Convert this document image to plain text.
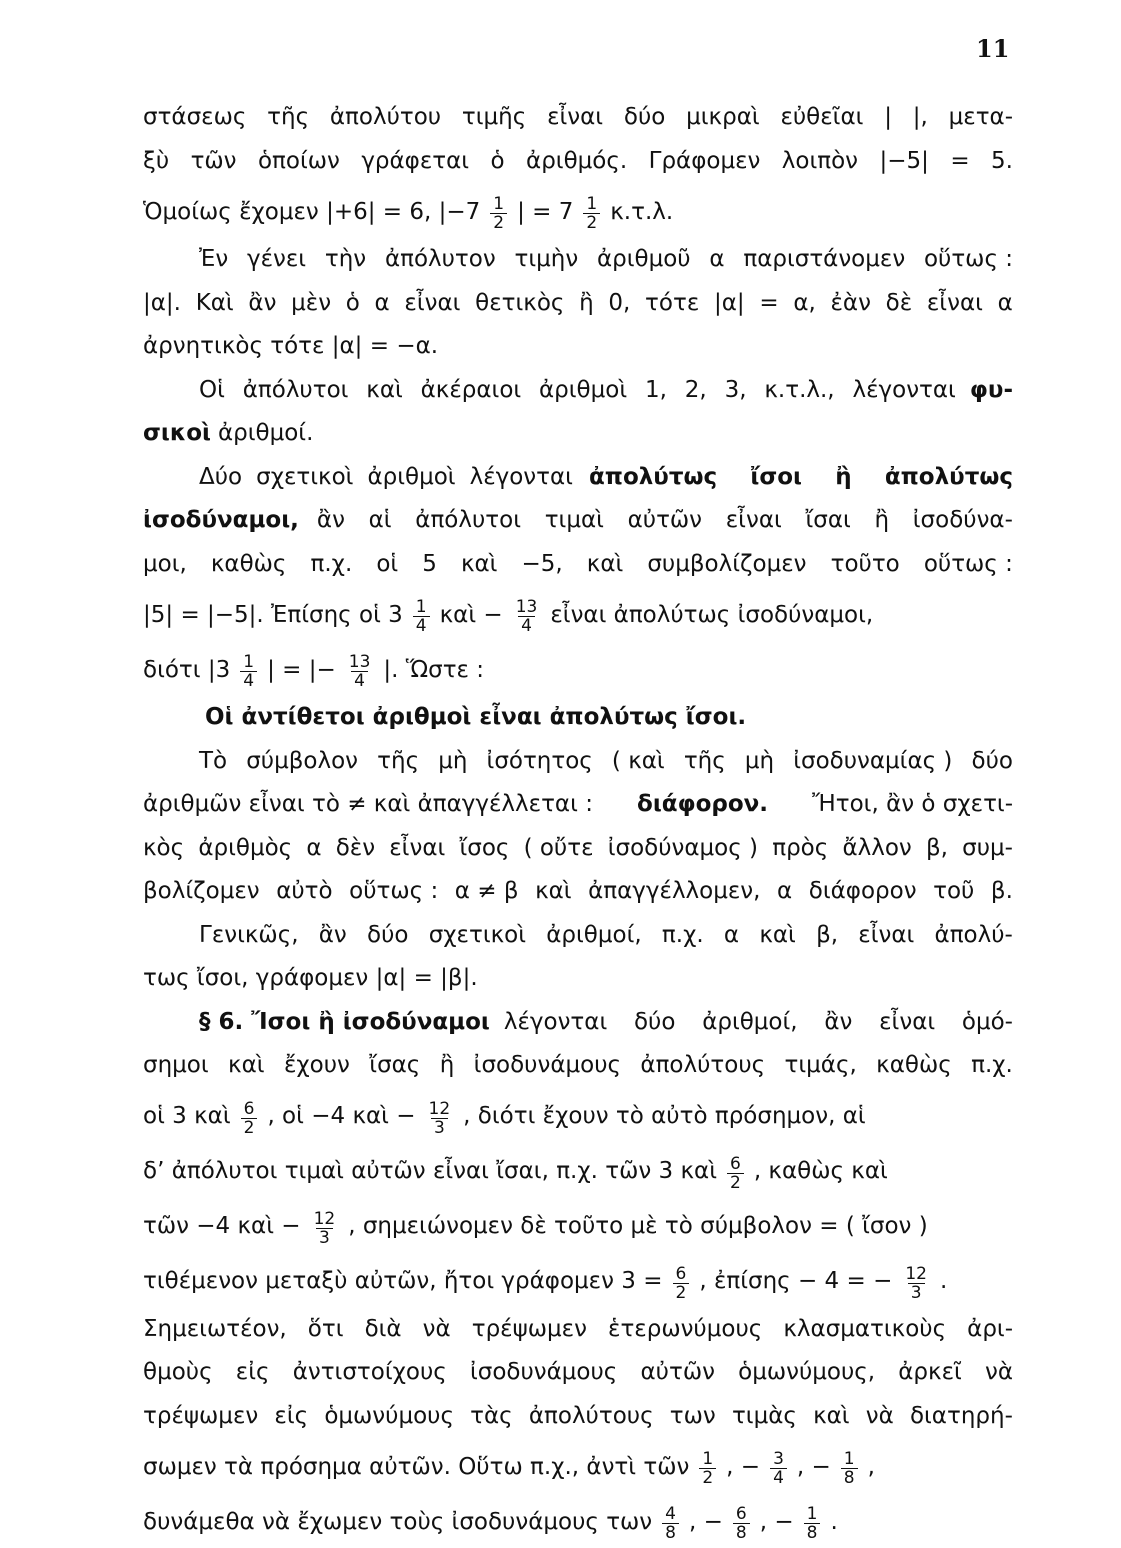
11
στάσεως τῆς ἀπολύτου τιμῆς εἶναι δύο μικραὶ εὐθεῖαι | |, μετα-
ξὺ τῶν ὁποίων γράφεται ὁ ἀριθμός. Γράφομεν λοιπὸν |−5| = 5.
Ὁμοίως ἔχομεν |+6| = 6, $|-7 \frac{1}{2}$ | = $7 \frac{1}{2} \kappa.\tau.\lambda$.
Ἐν γένει τὴν ἀπόλυτον τιμὴν ἀριθμοῦ α παριστάνομεν οὕτως :
|α|. Καὶ ἂν μὲν ὁ α εἶναι θετικὸς ἢ 0, τότε |α| = α, ἐὰν δὲ εἶναι α
ἀρνητικὸς τότε |α| = −α.
Οἱ ἀπόλυτοι καὶ ἀκέραιοι ἀριθμοὶ 1, 2, 3, κ.τ.λ., λέγονται φυ-
σικοὶ ἀριθμοί.
Δύο σχετικοὶ ἀριθμοὶ λέγονται ἀπολύτως ἴσοι ἢ ἀπολύτως
ἰσοδύναμοι, ἂν αἱ ἀπόλυτοι τιμαὶ αὐτῶν εἶναι ἴσαι ἢ ἰσοδύνα-
μοι, καθὼς π.χ. οἱ 5 καὶ −5, καὶ συμβολίζομεν τοῦτο οὕτως :
|5| = |−5|. Ἐπίσης οἱ $3 \frac{1}{4}$ καὶ − $\frac{13}{4}$ εἶναι ἀπολύτως ἰσοδύναμοι,
διότι $|3 \frac{1}{4}$ | = |− $\frac{13}{4}$ |. Ὥστε :
Οἱ ἀντίθετοι ἀριθμοὶ εἶναι ἀπολύτως ἴσοι.
Τὸ σύμβολον τῆς μὴ ἰσότητος ( καὶ τῆς μὴ ἰσοδυναμίας ) δύο
ἀριθμῶν εἶναι τὸ ≠ καὶ ἀπαγγέλλεται : διάφορον. Ἤτοι, ἂν ὁ σχετι-
κὸς ἀριθμὸς α δὲν εἶναι ἴσος ( οὔτε ἰσοδύναμος ) πρὸς ἄλλον β, συμ-
βολίζομεν αὐτὸ οὕτως : α ≠ β καὶ ἀπαγγέλλομεν, α διάφορον τοῦ β.
Γενικῶς, ἂν δύο σχετικοὶ ἀριθμοί, π.χ. α καὶ β, εἶναι ἀπολύ-
τως ἴσοι, γράφομεν |α| = |β|.
§ 6. Ἴσοι ἢ ἰσοδύναμοι λέγονται δύο ἀριθμοί, ἂν εἶναι ὁμό-
σημοι καὶ ἔχουν ἴσας ἢ ἰσοδυνάμους ἀπολύτους τιμάς, καθὼς π.χ.
οἱ 3 καὶ $\frac{6}{2}$ , οἱ −4 καὶ − $\frac{12}{3}$ , διότι ἔχουν τὸ αὐτὸ πρόσημον, αἱ
δ’ ἀπόλυτοι τιμαὶ αὐτῶν εἶναι ἴσαι, π.χ. τῶν 3 καὶ $\frac{6}{2}$ , καθὼς καὶ
τῶν −4 καὶ − $\frac{12}{3}$ , σημειώνομεν δὲ τοῦτο μὲ τὸ σύμβολον = ( ἴσον )
τιθέμενον μεταξὺ αὐτῶν, ἤτοι γράφομεν $3 = \frac{6}{2}$ , ἐπίσης − 4 = − $\frac{12}{3}$ .
Σημειωτέον, ὅτι διὰ νὰ τρέψωμεν ἑτερωνύμους κλασματικοὺς ἀρι-
θμοὺς εἰς ἀντιστοίχους ἰσοδυνάμους αὐτῶν ὁμωνύμους, ἀρκεῖ νὰ
τρέψωμεν εἰς ὁμωνύμους τὰς ἀπολύτους των τιμὰς καὶ νὰ διατηρή-
σωμεν τὰ πρόσημα αὐτῶν. Οὕτω π.χ., ἀντὶ τῶν $\frac{1}{2}$ , − $\frac{3}{4}$ , − $\frac{1}{8}$ ,
δυνάμεθα νὰ ἔχωμεν τοὺς ἰσοδυνάμους των $\frac{4}{8}$ , − $\frac{6}{8}$ , − $\frac{1}{8}$ .
